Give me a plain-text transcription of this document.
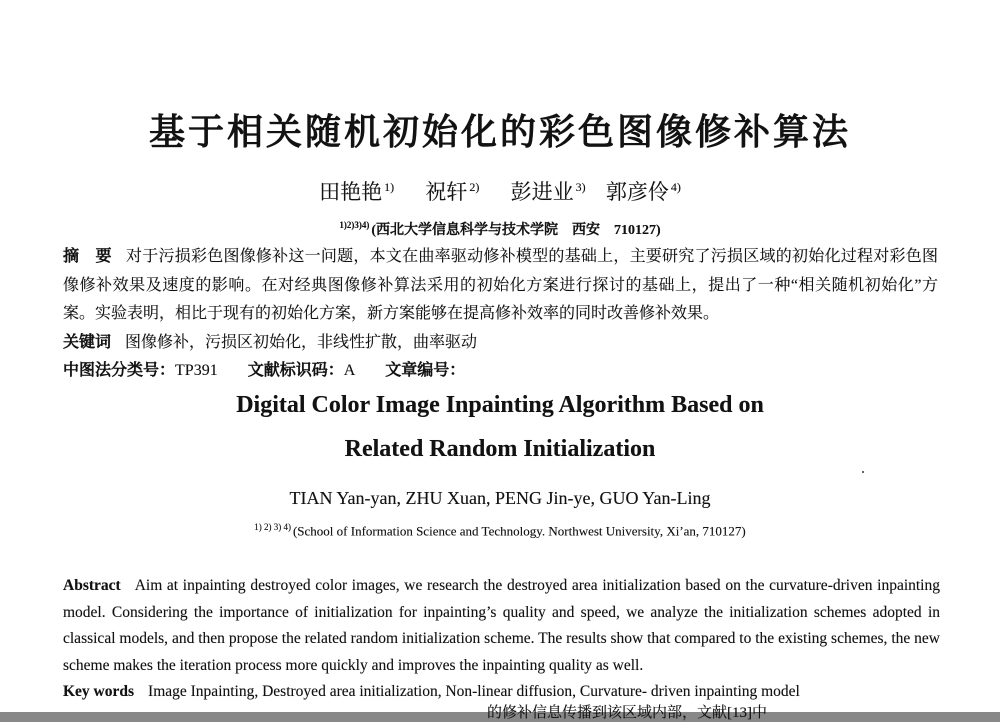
基于相关随机初始化的彩色图像修补算法
田艳艳 $^{1)}$ 祝轩 $^{2)}$ 彭进业 $^{3)}$ 郭彦伶 $^{4)}$
$^{1)2)3)4)}$ (西北大学信息科学与技术学院　西安　710127)

摘　要 对于污损彩色图像修补这一问题，本文在曲率驱动修补模型的基础上，主要研究了污损区域的初始化过程对彩色图像修补效果及速度的影响。在对经典图像修补算法采用的初始化方案进行探讨的基础上，提出了一种“相关随机初始化”方案。实验表明，相比于现有的初始化方案，新方案能够在提高修补效率的同时改善修补效果。

关键词 图像修补，污损区初始化，非线性扩散，曲率驱动

中图法分类号：TP391 文献标识码：A 文章编号：

Digital Color Image Inpainting Algorithm Based on
Related Random Initialization
TIAN Yan-yan, ZHU Xuan, PENG Jin-ye, GUO Yan-Ling
$^{1) 2) 3) 4)}$ (School of Information Science and Technology. Northwest University, Xi’an, 710127)

Abstract Aim at inpainting destroyed color images, we research the destroyed area initialization based on the curvature-driven inpainting model. Considering the importance of initialization for inpainting’s quality and speed, we analyze the initialization schemes adopted in classical models, and then propose the related random initialization scheme. The results show that compared to the existing schemes, the new scheme makes the iteration process more quickly and improves the inpainting quality as well.

Key words Image Inpainting, Destroyed area initialization, Non-linear diffusion, Curvature- driven inpainting model

的修补信息传播到该区域内部，文献[13]中
